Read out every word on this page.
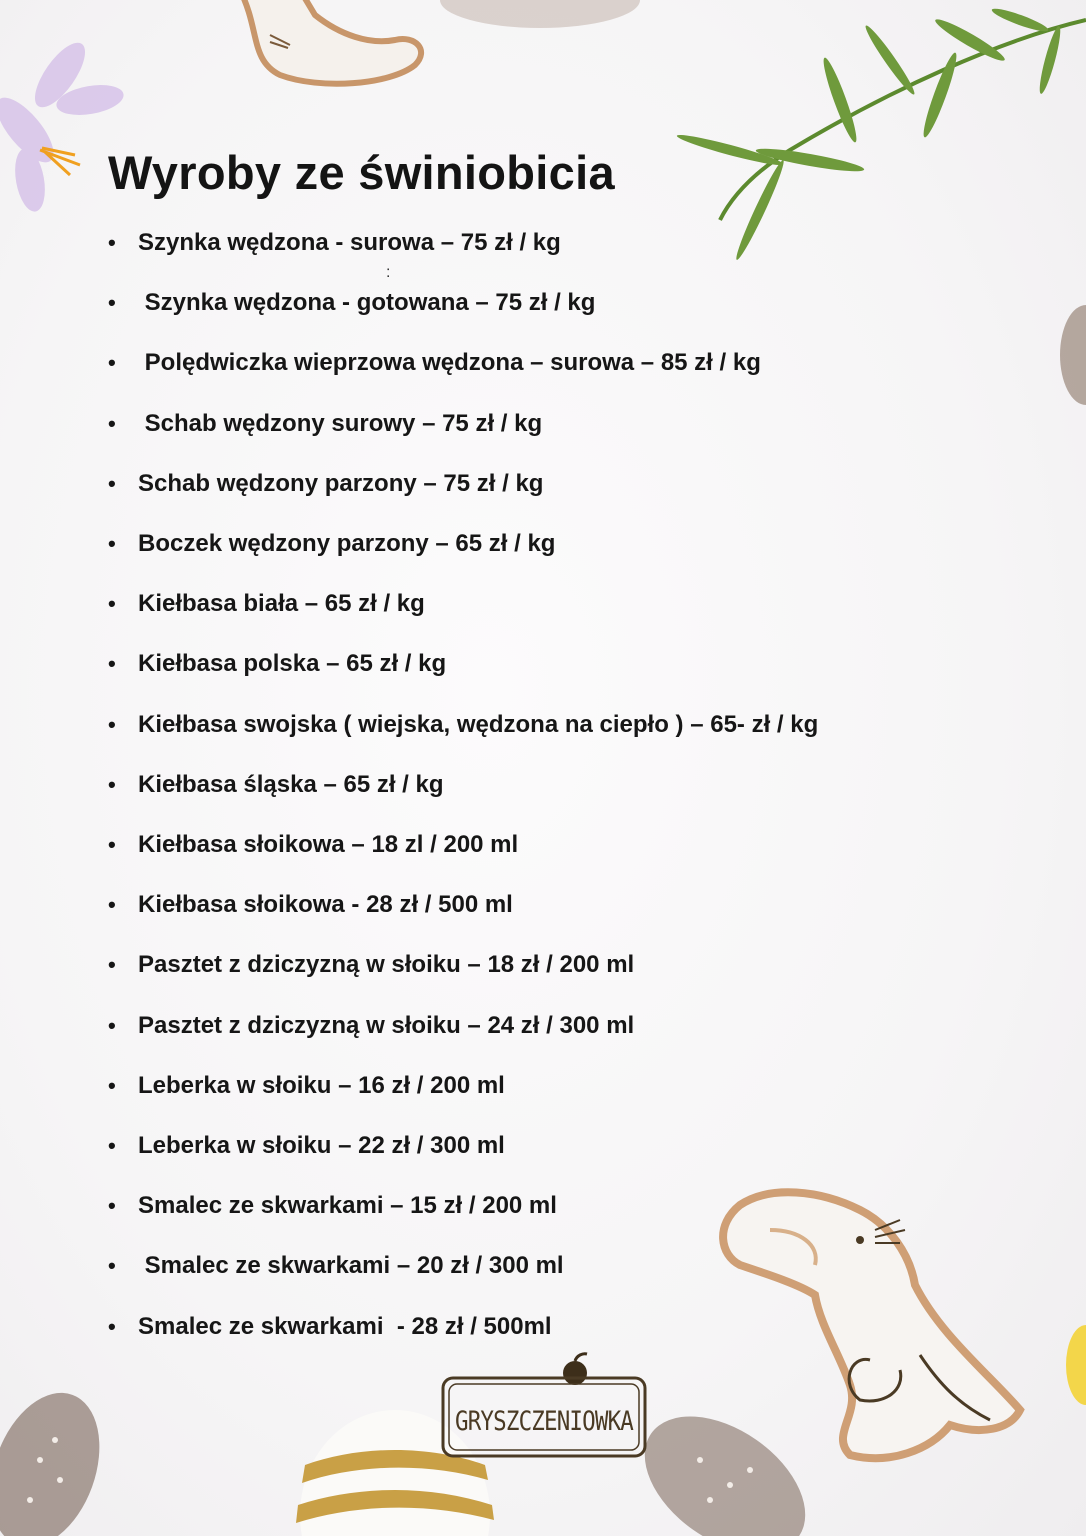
Wyroby ze świniobicia
:
• Szynka wędzona - surowa – 75 zł / kg
• Szynka wędzona - gotowana – 75 zł / kg
• Polędwiczka wieprzowa wędzona – surowa – 85 zł / kg
• Schab wędzony surowy – 75 zł / kg
• Schab wędzony parzony – 75 zł / kg
• Boczek wędzony parzony – 65 zł / kg
• Kiełbasa biała – 65 zł / kg
• Kiełbasa polska – 65 zł / kg
• Kiełbasa swojska ( wiejska, wędzona na ciepło ) – 65- zł / kg
• Kiełbasa śląska – 65 zł / kg
• Kiełbasa słoikowa – 18 zl / 200 ml
• Kiełbasa słoikowa - 28 zł / 500 ml
• Pasztet z dziczyzną w słoiku – 18 zł / 200 ml
• Pasztet z dziczyzną w słoiku – 24 zł / 300 ml
• Leberka w słoiku – 16 zł / 200 ml
• Leberka w słoiku – 22 zł / 300 ml
• Smalec ze skwarkami – 15 zł / 200 ml
• Smalec ze skwarkami – 20 zł / 300 ml
• Smalec ze skwarkami  - 28 zł / 500ml
GRYSZCZENIOWKA
